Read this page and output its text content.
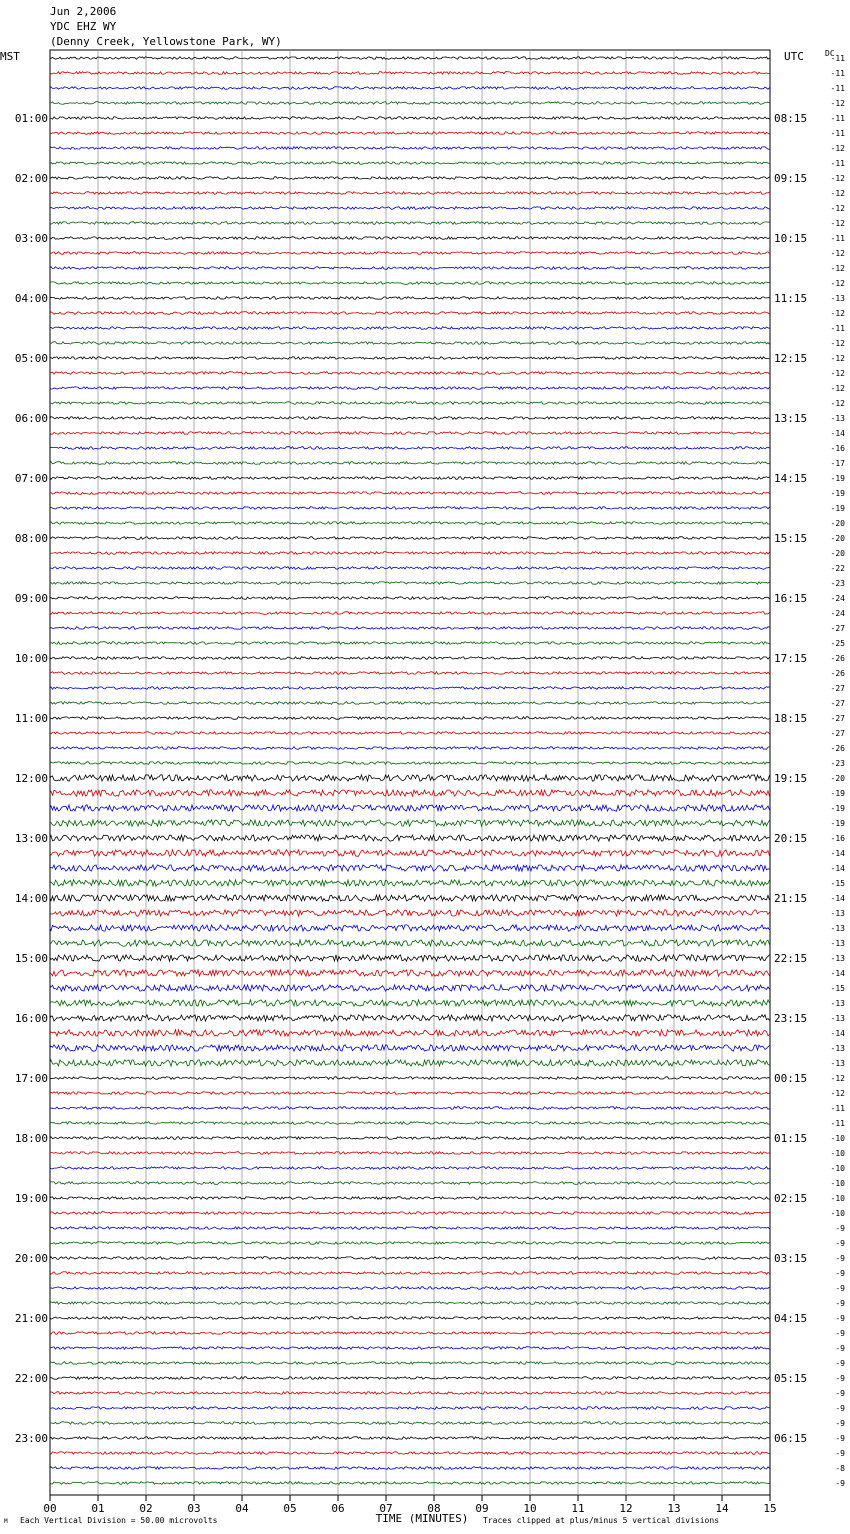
Jun 2,2006
YDC EHZ WY
(Denny Creek, Yellowstone Park, WY)
MST	UTC	DC
00	01	02	03	04	05	06	07	08	09	10	11	12	13	14	15
01:00
02:00
03:00
04:00
05:00
06:00
07:00
08:00
09:00
10:00
11:00
12:00
13:00
14:00
15:00
16:00
17:00
18:00
19:00
20:00
21:00
22:00
23:00
08:15
09:15
10:15
11:15
12:15
13:15
14:15
15:15
16:15
17:15
18:15
19:15
20:15
21:15
22:15
23:15
00:15
01:15
02:15
03:15
04:15
05:15
06:15
-11
-11
-11
-12
-11
-11
-12
-11
-12
-12
-12
-12
-11
-12
-12
-12
-13
-12
-11
-12
-12
-12
-12
-12
-13
-14
-16
-17
-19
-19
-19
-20
-20
-20
-22
-23
-24
-24
-27
-25
-26
-26
-27
-27
-27
-27
-26
-23
-20
-19
-19
-19
-16
-14
-14
-15
-14
-13
-13
-13
-13
-14
-15
-13
-13
-14
-13
-13
-12
-12
-11
-11
-10
-10
-10
-10
-10
-10
-9
-9
-9
-9
-9
-9
-9
-9
-9
-9
-9
-9
-9
-9
-9
-9
-8
-9
TIME (MINUTES)
M Each Vertical Division = 50.00 microvolts	Traces clipped at plus/minus 5 vertical divisions
